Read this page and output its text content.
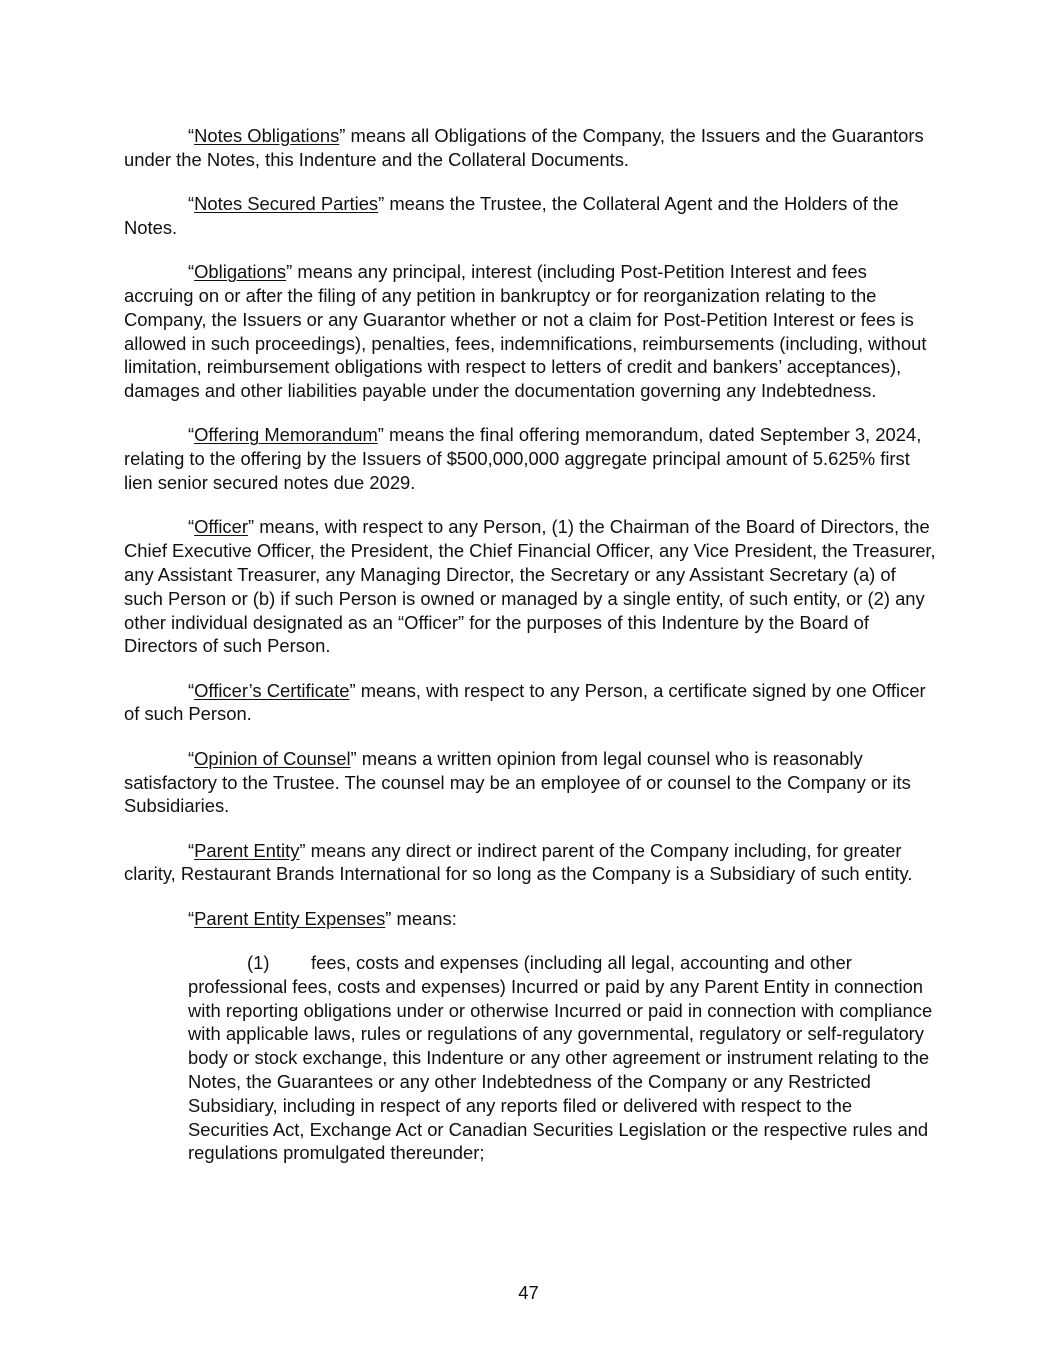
“Notes Obligations” means all Obligations of the Company, the Issuers and the Guarantors under the Notes, this Indenture and the Collateral Documents.

“Notes Secured Parties” means the Trustee, the Collateral Agent and the Holders of the Notes.

“Obligations” means any principal, interest (including Post-Petition Interest and fees accruing on or after the filing of any petition in bankruptcy or for reorganization relating to the Company, the Issuers or any Guarantor whether or not a claim for Post-Petition Interest or fees is allowed in such proceedings), penalties, fees, indemnifications, reimbursements (including, without limitation, reimbursement obligations with respect to letters of credit and bankers’ acceptances), damages and other liabilities payable under the documentation governing any Indebtedness.

“Offering Memorandum” means the final offering memorandum, dated September 3, 2024, relating to the offering by the Issuers of $500,000,000 aggregate principal amount of 5.625% first lien senior secured notes due 2029.

“Officer” means, with respect to any Person, (1) the Chairman of the Board of Directors, the Chief Executive Officer, the President, the Chief Financial Officer, any Vice President, the Treasurer, any Assistant Treasurer, any Managing Director, the Secretary or any Assistant Secretary (a) of such Person or (b) if such Person is owned or managed by a single entity, of such entity, or (2) any other individual designated as an “Officer” for the purposes of this Indenture by the Board of Directors of such Person.

“Officer’s Certificate” means, with respect to any Person, a certificate signed by one Officer of such Person.

“Opinion of Counsel” means a written opinion from legal counsel who is reasonably satisfactory to the Trustee. The counsel may be an employee of or counsel to the Company or its Subsidiaries.

“Parent Entity” means any direct or indirect parent of the Company including, for greater clarity, Restaurant Brands International for so long as the Company is a Subsidiary of such entity.

“Parent Entity Expenses” means:

(1) fees, costs and expenses (including all legal, accounting and other professional fees, costs and expenses) Incurred or paid by any Parent Entity in connection with reporting obligations under or otherwise Incurred or paid in connection with compliance with applicable laws, rules or regulations of any governmental, regulatory or self-regulatory body or stock exchange, this Indenture or any other agreement or instrument relating to the Notes, the Guarantees or any other Indebtedness of the Company or any Restricted Subsidiary, including in respect of any reports filed or delivered with respect to the Securities Act, Exchange Act or Canadian Securities Legislation or the respective rules and regulations promulgated thereunder;

47
